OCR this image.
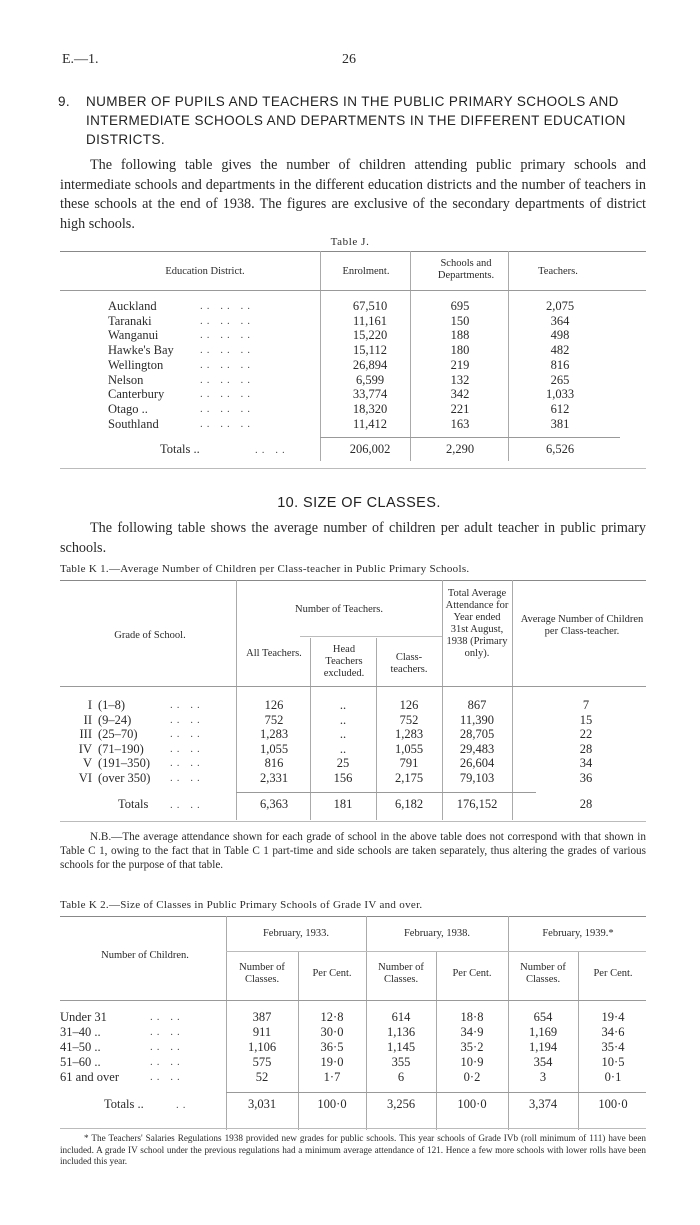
E.—1.	26
9. NUMBER OF PUPILS AND TEACHERS IN THE PUBLIC PRIMARY SCHOOLS AND INTERMEDIATE SCHOOLS AND DEPARTMENTS IN THE DIFFERENT EDUCATION DISTRICTS.
The following table gives the number of children attending public primary schools and intermediate schools and departments in the different education districts and the number of teachers in these schools at the end of 1938. The figures are exclusive of the secondary departments of district high schools.
Table J.
Education District.	Enrolment.
Schools and Departments.	Teachers.
Auckland	.. .. ..	67,510	695	2,075
Taranaki	.. .. ..	11,161	150	364
Wanganui	.. .. ..	15,220	188	498
Hawke's Bay .. .. ..	15,112	180	482
Wellington	.. .. ..	26,894	219	816
Nelson	.. .. ..	6,599	132	265
Canterbury	.. .. ..	33,774	342	1,033
Otago ..	.. .. ..	18,320	221	612
Southland	.. .. ..	11,412	163	381
Totals ..	.. ..	206,002	2,290	6,526
10. SIZE OF CLASSES.
The following table shows the average number of children per adult teacher in public primary schools.
Table K 1.—Average Number of Children per Class-teacher in Public Primary Schools.
Grade of School.
Number of Teachers.
All Teachers.	Head Teachers excluded.
Class-teachers.
Total Average Attendance for Year ended 31st August, 1938 (Primary only).
Average Number of Children per Class-teacher.
I (1–8)	.. ..	126	..	126	867	7
II (9–24)	.. ..	752	..	752	11,390	15
III (25–70)	.. ..	1,283	..	1,283	28,705	22
IV (71–190) .. ..	1,055	..	1,055	29,483	28
V (191–350) .. ..	816	25	791	26,604	34
VI (over 350) .. ..	2,331	156	2,175	79,103	36
Totals .. ..	6,363	181	6,182	176,152	28
N.B.—The average attendance shown for each grade of school in the above table does not correspond with that shown in Table C 1, owing to the fact that in Table C 1 part-time and side schools are taken separately, thus altering the grades of various schools for the purpose of that table.
Table K 2.—Size of Classes in Public Primary Schools of Grade IV and over.
Number of Children.
February, 1933.	February, 1938.	February, 1939.*
Number of Classes.
Per Cent.
Number of Classes.
Per Cent.
Number of Classes.
Per Cent.
Under 31	.. ..	387	12·8	614	18·8	654	19·4
31–40 ..	.. ..	911	30·0	1,136	34·9	1,169	34·6
41–50 ..	.. ..	1,106	36·5	1,145	35·2	1,194	35·4
51–60 ..	.. ..	575	19·0	355	10·9	354	10·5
61 and over	.. ..	52	1·7	6	0·2	3	0·1
Totals ..	..	3,031	100·0	3,256	100·0	3,374	100·0
* The Teachers' Salaries Regulations 1938 provided new grades for public schools. This year schools of Grade IVb (roll minimum of 111) have been included. A grade IV school under the previous regulations had a minimum average attendance of 121. Hence a few more schools with lower rolls have been included this year.
